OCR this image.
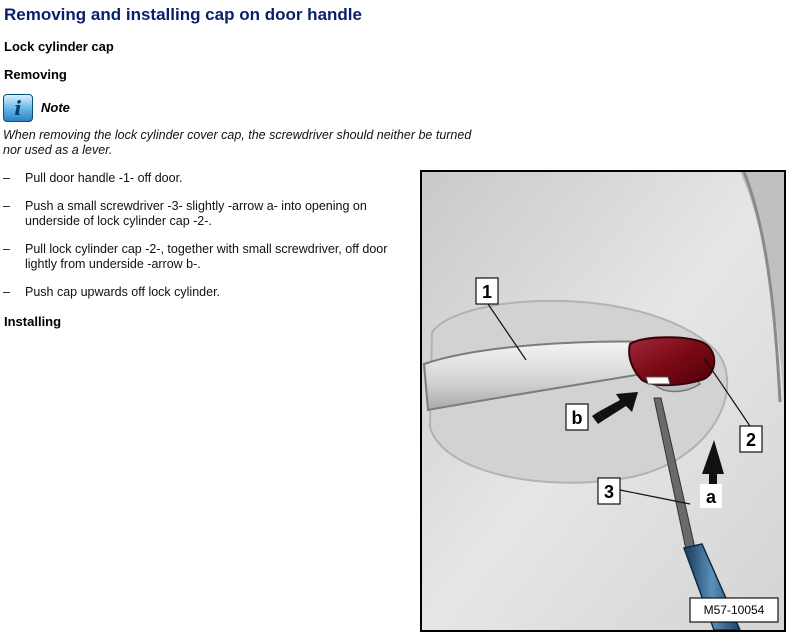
Removing and installing cap on door handle
Lock cylinder cap
Removing
i Note

When removing the lock cylinder cover cap, the screwdriver should neither be turned nor used as a lever.

– Pull door handle -1- off door.
– Push a small screwdriver -3- slightly -arrow a- into opening on underside of lock cylinder cap -2-.
– Pull lock cylinder cap -2-, together with small screwdriver, off door lightly from underside -arrow b-.
– Push cap upwards off lock cylinder.
Installing
1
2
3	a
b
M57-10054
